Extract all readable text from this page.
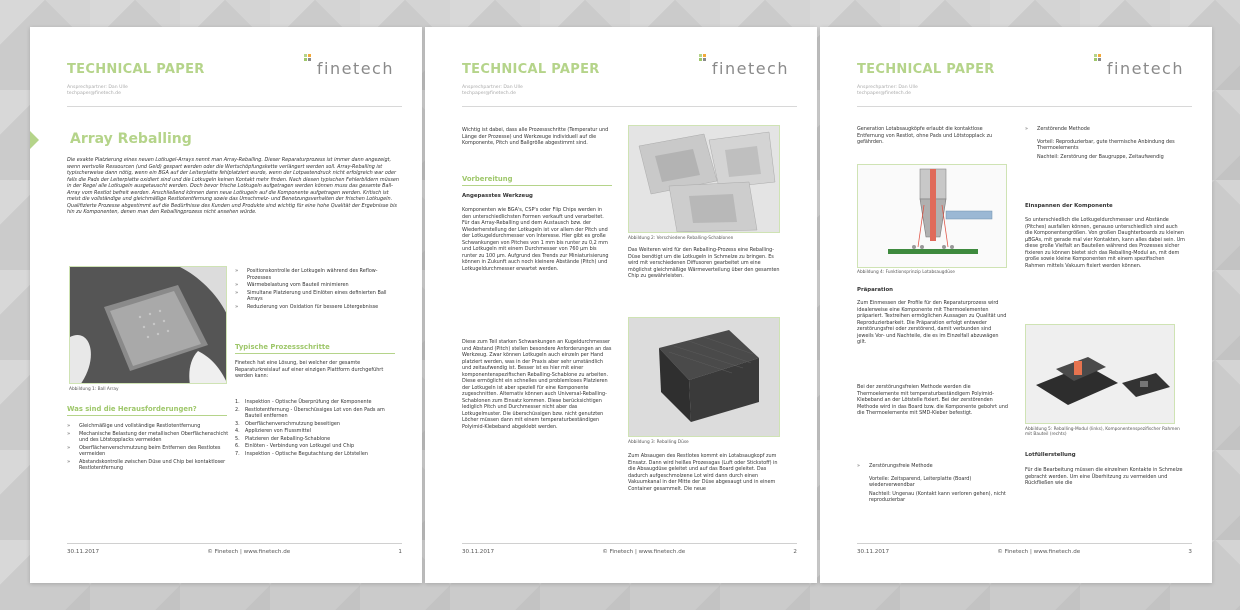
TECHNICAL PAPER
Ansprechpartner: Dan Ulle
techpaper@finetech.de
finetech
Array Reballing
Die exakte Platzierung eines neuen Lotkugel-Arrays nennt man Array-Reballing. Dieser Reparaturprozess ist immer dann angezeigt, wenn wertvolle Ressourcen (und Geld) gespart werden oder die Wertschöpfungskette verlängert werden soll. Array-Reballing ist typischerweise dann nötig, wenn ein BGA auf der Leiterplatte fehlplatziert wurde, wenn der Lotpastendruck nicht erfolgreich war oder falls die Pads der Leiterplatte oxidiert sind und die Lotkugeln keinen Kontakt mehr finden. Nach diesen typischen Fehlerbildern müssen in der Regel alle Lotkugeln ausgetauscht werden. Doch bevor frische Lotkugeln aufgetragen werden können muss das gesamte Ball-Array vom Restlot befreit werden. Anschließend können dann neue Lotkugeln auf die Komponente aufgetragen werden. Kritisch ist meist die vollständige und gleichmäßige Restlotentfernung sowie das Umschmelz- und Benetzungsverhalten der frischen Lotkugeln. Qualifizierte Prozesse abgestimmt auf die Bedürfnisse des Kunden und Produkte sind wichtig für eine hohe Qualität der Ergebnisse bis hin zu Komponenten, denen man den Reballingprozess nicht ansehen würde.
Abbildung 1: Ball Array
» Positionskontrolle der Lotkugeln während des Reflow-Prozesses
» Wärmebelastung vom Bauteil minimieren
» Simultane Platzierung und Einlöten eines definierten Ball Arrays
» Reduzierung von Oxidation für bessere Lötergebnisse
Typische Prozessschritte
Finetech hat eine Lösung, bei welcher der gesamte Reparaturkreislauf auf einer einzigen Plattform durchgeführt werden kann:
1.	Inspektion - Optische Überprüfung der Komponente
2.	Restlotentfernung - Überschüssiges Lot von den Pads am Bauteil entfernen
3.	Oberflächenverschmutzung beseitigen
4.	Applizieren von Flussmittel
5.	Platzieren der Reballing-Schablone
6.	Einlöten - Verbindung von Lotkugel und Chip
7.	Inspektion - Optische Begutachtung der Lötstellen
Was sind die Herausforderungen?
» Gleichmäßige und vollständige Restlotentfernung
» Mechanische Belastung der metallischen Oberflächenschicht und des Lötstopplacks vermeiden
» Oberflächenverschmutzung beim Entfernen des Restlotes vermeiden
» Abstandskontrolle zwischen Düse und Chip bei kontaktloser Restlotentfernung
30.11.2017	© Finetech | www.finetech.de	1
TECHNICAL PAPER
Ansprechpartner: Dan Ulle
techpaper@finetech.de
finetech
Wichtig ist dabei, dass alle Prozessschritte (Temperatur und Länge der Prozesse) und Werkzeuge individuell auf die Komponente, Pitch und Ballgröße abgestimmt sind.
Vorbereitung
Angepasstes Werkzeug
Komponenten wie BGA's, CSP's oder Flip Chips werden in den unterschiedlichsten Formen verkauft und verarbeitet. Für das Array-Reballing und dem Austausch bzw. der Wiederherstellung der Lotkugeln ist vor allem der Pitch und der Lotkugeldurchmesser von Interesse. Hier gibt es große Schwankungen von Pitches von 1 mm bis runter zu 0,2 mm und Lotkugeln mit einem Durchmesser von 760 µm bis runter zu 100 µm. Aufgrund des Trends zur Miniaturisierung können in Zukunft auch noch kleinere Abstände (Pitch) und Lotkugeldurchmesser erwartet werden.
Diese zum Teil starken Schwankungen an Kugeldurchmesser und Abstand (Pitch) stellen besondere Anforderungen an das Werkzeug. Zwar können Lotkugeln auch einzeln per Hand platziert werden, was in der Praxis aber sehr umständlich und zeitaufwendig ist. Besser ist es hier mit einer komponentenspezifischen Reballing-Schablone zu arbeiten. Diese ermöglicht ein schnelles und problemloses Platzieren der Lotkugeln ist aber speziell für eine Komponente zugeschnitten. Alternativ können auch Universal-Reballing-Schablonen zum Einsatz kommen. Diese berücksichtigen lediglich Pitch und Durchmesser nicht aber das Lotkugelmuster. Die überschüssigen bzw. nicht genutzten Löcher müssen dann mit einem temperaturbeständigen Polyimid-Klebeband abgeklebt werden.
Abbildung 2: Verschiedene Reballing-Schablonen
Das Weiteren wird für den Reballing-Prozess eine Reballing-Düse benötigt um die Lotkugeln in Schmelze zu bringen. Es wird mit verschiedenen Diffusoren gearbeitet um eine möglichst gleichmäßige Wärmeverteilung über den gesamten Chip zu gewährleisten.
Abbildung 3: Reballing Düse
Zum Absaugen des Restlotes kommt ein Lotabsaugkopf zum Einsatz. Dann wird heißes Prozessgas (Luft oder Stickstoff) in die Absaugdüse geleitet und auf das Board geleitet. Das dadurch aufgeschmolzene Lot wird dann durch einen Vakuumkanal in der Mitte der Düse abgesaugt und in einem Container gesammelt. Die neue
30.11.2017	© Finetech | www.finetech.de	2
TECHNICAL PAPER
Ansprechpartner: Dan Ulle
techpaper@finetech.de
finetech
Generation Lotabsaugköpfe erlaubt die kontaktlose Entfernung von Restlot, ohne Pads und Lötstopplack zu gefährden.
Abbildung 4: Funktionsprinzip Lotabsaugdüse
Präparation
Zum Einmessen der Profile für den Reparaturprozess wird idealerweise eine Komponente mit Thermoelementen präpariert. Textreihen ermöglichen Aussagen zu Qualität und Reproduzierbarkeit. Die Präparation erfolgt entweder zerstörungsfrei oder zerstörend, damit verbunden sind jeweils Vor- und Nachteile, die es im Einzelfall abzuwägen gilt.
Bei der zerstörungsfreien Methode werden die Thermoelemente mit temperaturbeständigem Polyimid-Klebeband an der Lötstelle fixiert. Bei der zerstörenden Methode wird in das Board bzw. die Komponente gebohrt und die Thermoelemente mit SMD-Kleber befestigt.
» Zerstörungsfreie Methode
Vorteile: Zeitsparend, Leiterplatte (Board) wiederverwendbar
Nachteil: Ungenau (Kontakt kann verloren gehen), nicht reproduzierbar
» Zerstörende Methode
Vorteil: Reproduzierbar, gute thermische Anbindung des Thermoelements
Nachteil: Zerstörung der Baugruppe, Zeitaufwendig
Einspannen der Komponente
So unterschiedlich die Lotkugeldurchmesser und Abstände (Pitches) ausfallen können, genauso unterschiedlich sind auch die Komponentengrößen. Von großen Daughterboards zu kleinen µBGAs, mit gerade mal vier Kontakten, kann alles dabei sein. Um diese große Vielfalt an Bauteilen während des Prozesses sicher fixieren zu können bietet sich das Reballing-Modul an, mit dem große sowie kleine Komponenten mit einem spezifischen Rahmen mittels Vakuum fixiert werden können.
Abbildung 5: Reballing-Modul (links), Komponentenspezifischer Rahmen mit Bauteil (rechts)
Lotfüllerstellung
Für die Bearbeitung müssen die einzelnen Kontakte in Schmelze gebracht werden. Um eine Überhitzung zu vermeiden und Rückfließen wie die
30.11.2017	© Finetech | www.finetech.de	3
